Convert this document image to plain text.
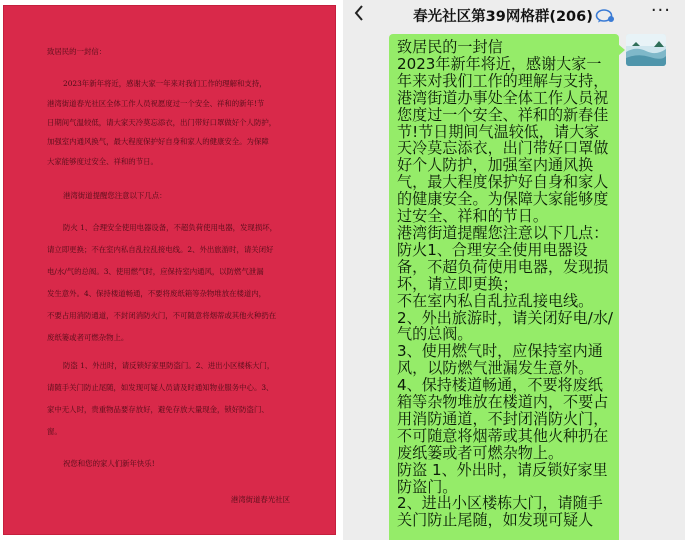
致居民的一封信：
2023年新年将近，感谢大家一年来对我们工作的理解和支持，
港湾街道春光社区全体工作人员祝愿度过一个安全、祥和的新年!节
日期间气温较低，请大家天冷莫忘添衣，出门带好口罩做好个人防护，
加强室内通风换气，最大程度保护好自身和家人的健康安全。为保障
大家能够度过安全、祥和的节日。
港湾街道提醒您注意以下几点：
防火 1、合理安全使用电器设备，不超负荷使用电器，发现损坏，
请立即更换；不在室内私自乱拉乱接电线。2、外出旅游时，请关闭好
电/水/气的总阀。3、使用燃气时，应保持室内通风，以防燃气泄漏
发生意外。4、保持楼道畅通，不要将废纸箱等杂物堆放在楼道内，
不要占用消防通道，不封闭消防火门，不可随意将烟蒂或其他火种扔在
废纸篓或者可燃杂物上。
防盗 1、外出时，请反锁好家里防盗门。2、进出小区楼栋大门，
请随手关门防止尾随，如发现可疑人员请及时通知物业服务中心。3、
家中无人时，贵重物品要存放好，避免存放大量现金，锁好防盗门、
窗。
祝您和您的家人们新年快乐!
港湾街道春光社区
春光社区第39网格群(206)	···

致居民的一封信

2023年新年将近，感谢大家一年来对我们工作的理解与支持，港湾街道办事处全体工作人员祝您度过一个安全、祥和的新春佳节!节日期间气温较低，请大家天冷莫忘添衣，出门带好口罩做好个人防护，加强室内通风换气，最大程度保护好自身和家人的健康安全。为保障大家能够度过安全、祥和的节日。

港湾街道提醒您注意以下几点：

防火1、合理安全使用电器设备，不超负荷使用电器，发现损坏，请立即更换；

不在室内私自乱拉乱接电线。

2、外出旅游时，请关闭好电/水/气的总阀。

3、使用燃气时，应保持室内通风，以防燃气泄漏发生意外。

4、保持楼道畅通，不要将废纸箱等杂物堆放在楼道内，不要占用消防通道，不封闭消防火门，不可随意将烟蒂或其他火种扔在废纸篓或者可燃杂物上。

防盗 1、外出时，请反锁好家里防盗门。

2、进出小区楼栋大门，请随手关门防止尾随，如发现可疑人
